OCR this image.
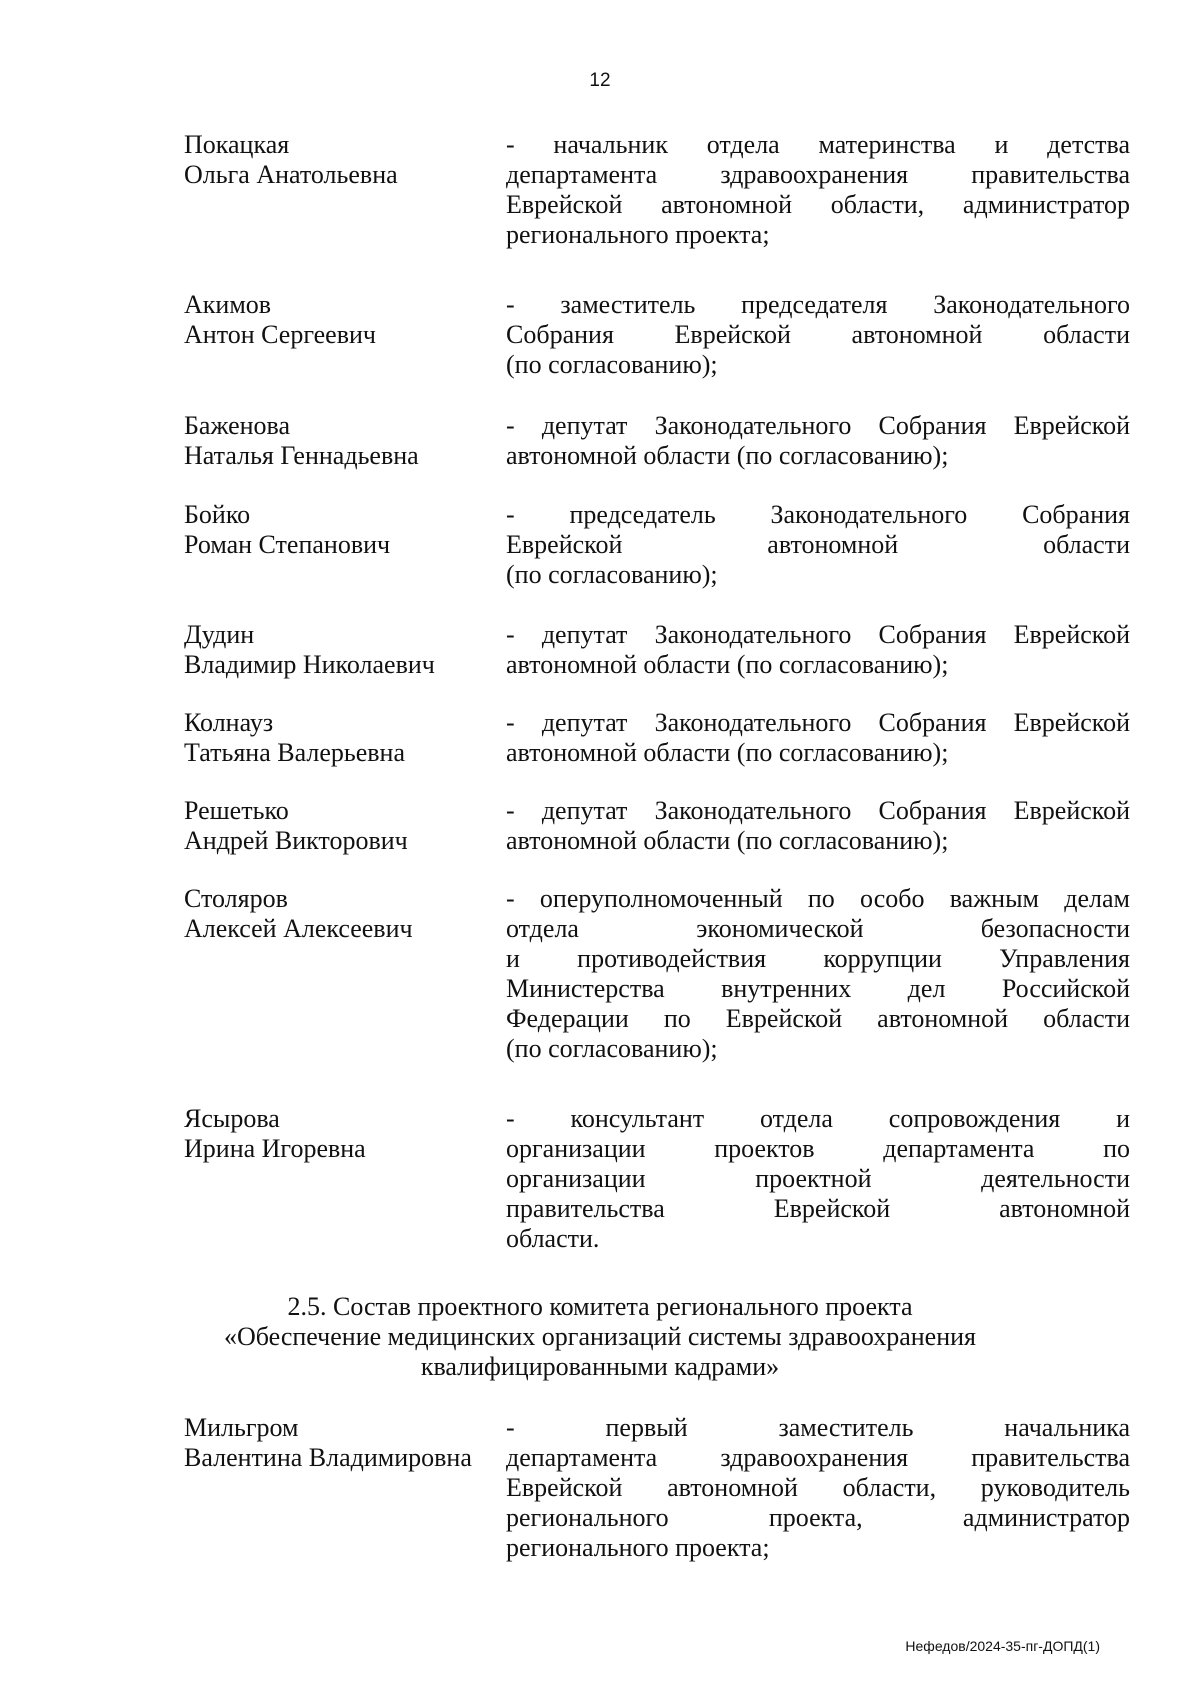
12
Покацкая
Ольга Анатольевна
- начальник отдела материнства и детства
департамента здравоохранения правительства
Еврейской автономной области, администратор
регионального проекта;
Акимов
Антон Сергеевич
- заместитель председателя Законодательного
Собрания Еврейской автономной области
(по согласованию);
Баженова
Наталья Геннадьевна
- депутат Законодательного Собрания Еврейской
автономной области (по согласованию);
Бойко
Роман Степанович
- председатель Законодательного Собрания
Еврейской автономной области
(по согласованию);
Дудин
Владимир Николаевич
- депутат Законодательного Собрания Еврейской
автономной области (по согласованию);
Колнауз
Татьяна Валерьевна
- депутат Законодательного Собрания Еврейской
автономной области (по согласованию);
Решетько
Андрей Викторович
- депутат Законодательного Собрания Еврейской
автономной области (по согласованию);
Столяров
Алексей Алексеевич
- оперуполномоченный по особо важным делам
отдела экономической безопасности
и противодействия коррупции Управления
Министерства внутренних дел Российской
Федерации по Еврейской автономной области
(по согласованию);
Ясырова
Ирина Игоревна
- консультант отдела сопровождения и
организации проектов департамента по
организации проектной деятельности
правительства Еврейской автономной
области.
2.5. Состав проектного комитета регионального проекта
«Обеспечение медицинских организаций системы здравоохранения
квалифицированными кадрами»
Мильгром
Валентина Владимировна
- первый заместитель начальника
департамента здравоохранения правительства
Еврейской автономной области, руководитель
регионального проекта, администратор
регионального проекта;
Нефедов/2024-35-пг-ДОПД(1)
